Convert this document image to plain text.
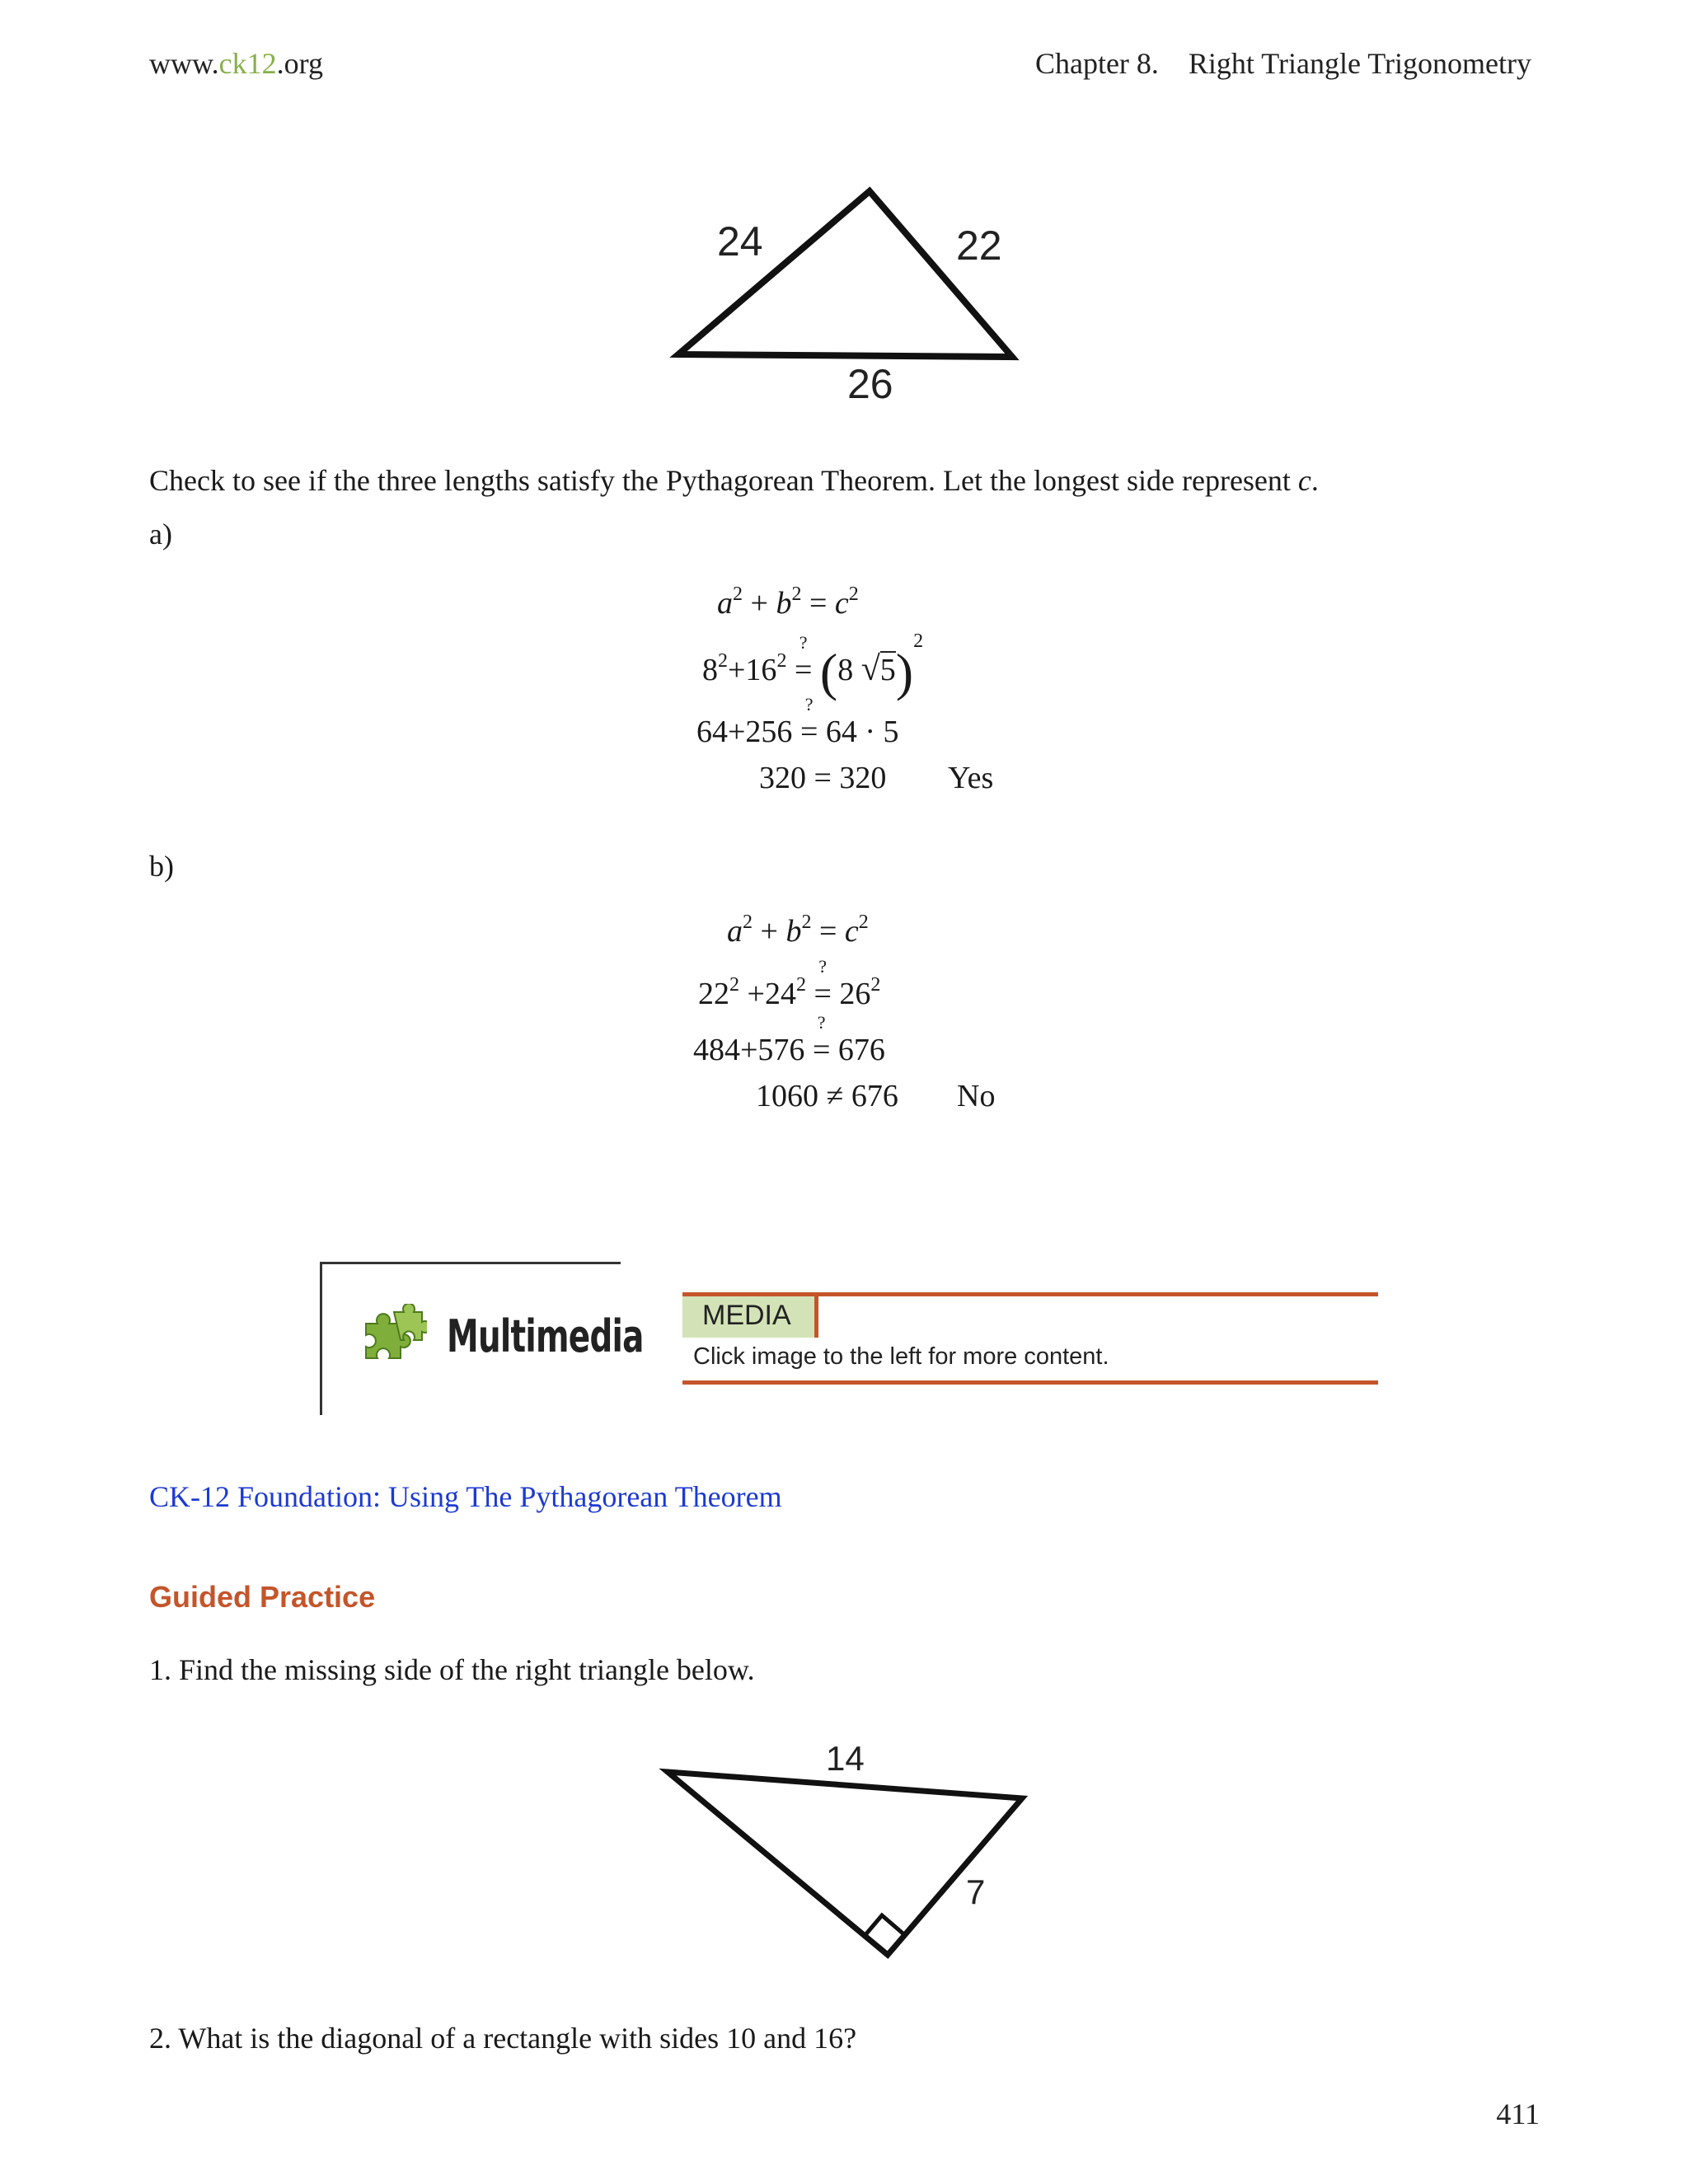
www.ck12.org	Chapter 8.    Right Triangle Trigonometry
24	22
26
Check to see if the three lengths satisfy the Pythagorean Theorem. Let the longest side represent c.
a)
$a^2 + b^2 = c^2$
$8^2+16^2$ =
?
(8 √5)$^2$
64+256 =
?
64 · 5
320 = 320 Yes
b)
$a^2 + b^2 = c^2$
$22^2 +24^2$ =
?
$26^2$
484+576 =
?
676
1060 ≠ 676 No
Multimedia MEDIA
Click image to the left for more content.
CK-12 Foundation: Using The Pythagorean Theorem
Guided Practice
1. Find the missing side of the right triangle below.
14
7
2. What is the diagonal of a rectangle with sides 10 and 16?
411
